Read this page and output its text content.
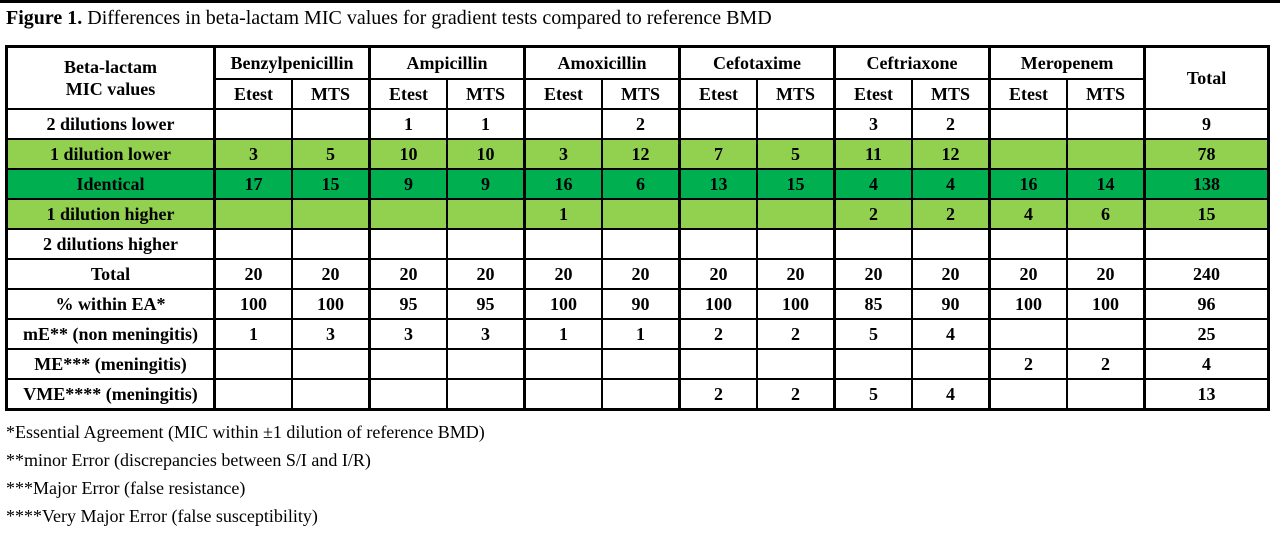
Figure 1. Differences in beta-lactam MIC values for gradient tests compared to reference BMD

Beta-lactam
MIC values	Benzylpenicillin		Ampicillin		Amoxicillin		Cefotaxime		Ceftriaxone		Meropenem		Total
	Etest	MTS	Etest	MTS	Etest	MTS	Etest	MTS	Etest	MTS	Etest	MTS	
2 dilutions lower			1	1		2			3	2			9
1 dilution lower	3	5	10	10	3	12	7	5	11	12			78
Identical	17	15	9	9	16	6	13	15	4	4	16	14	138
1 dilution higher					1				2	2	4	6	15
2 dilutions higher													
Total	20	20	20	20	20	20	20	20	20	20	20	20	240
% within EA*	100	100	95	95	100	90	100	100	85	90	100	100	96
mE** (non meningitis)	1	3	3	3	1	1	2	2	5	4			25
ME*** (meningitis)											2	2	4
VME**** (meningitis)							2	2	5	4			13

*Essential Agreement (MIC within ±1 dilution of reference BMD)

**minor Error (discrepancies between S/I and I/R)

***Major Error (false resistance)

****Very Major Error (false susceptibility)
